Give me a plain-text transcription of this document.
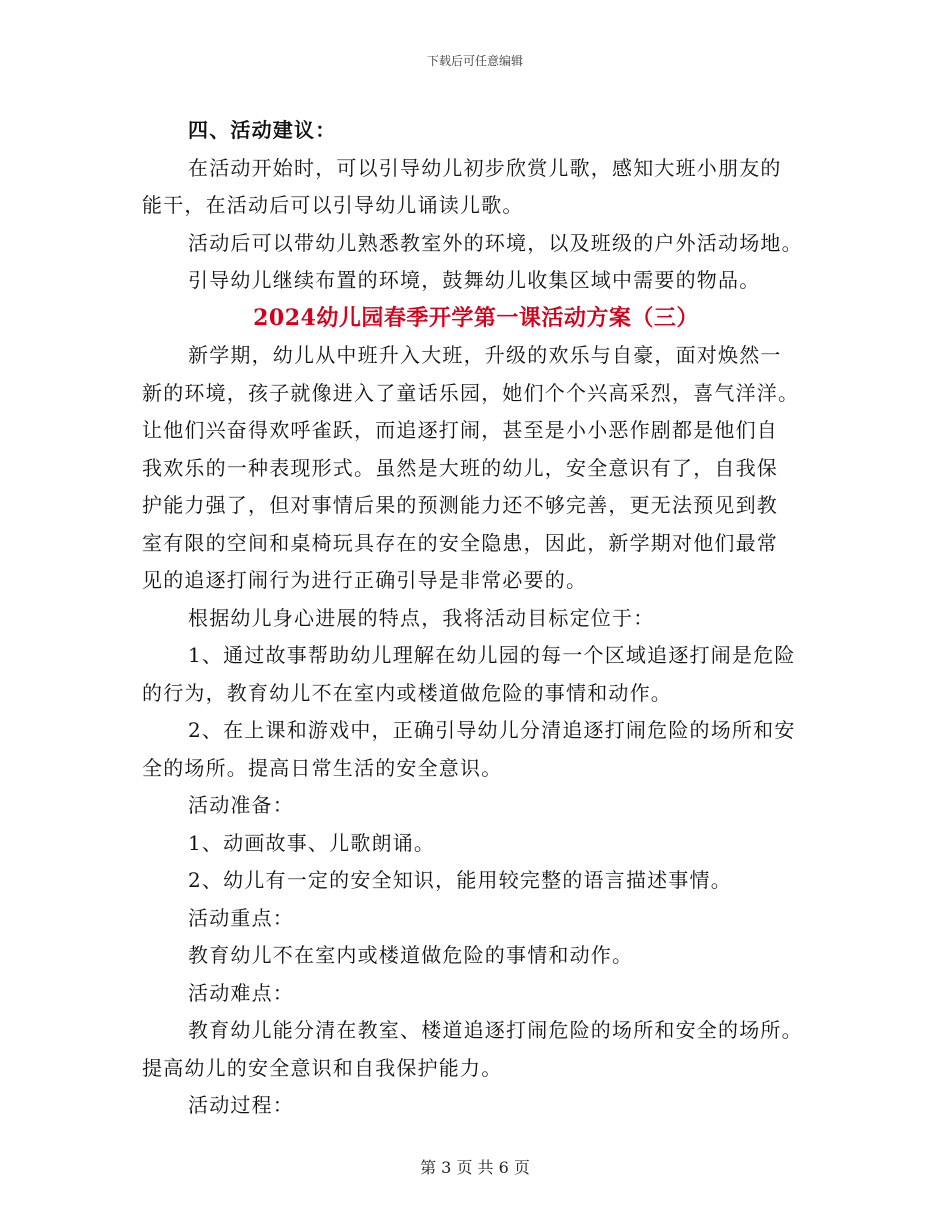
下载后可任意编辑
四、活动建议：
在活动开始时，可以引导幼儿初步欣赏儿歌，感知大班小朋友的
能干，在活动后可以引导幼儿诵读儿歌。
活动后可以带幼儿熟悉教室外的环境，以及班级的户外活动场地。
引导幼儿继续布置的环境，鼓舞幼儿收集区域中需要的物品。
2024幼儿园春季开学第一课活动方案（三）
新学期，幼儿从中班升入大班，升级的欢乐与自豪，面对焕然一
新的环境，孩子就像进入了童话乐园，她们个个兴高采烈，喜气洋洋。
让他们兴奋得欢呼雀跃，而追逐打闹，甚至是小小恶作剧都是他们自
我欢乐的一种表现形式。虽然是大班的幼儿，安全意识有了，自我保
护能力强了，但对事情后果的预测能力还不够完善，更无法预见到教
室有限的空间和桌椅玩具存在的安全隐患，因此，新学期对他们最常
见的追逐打闹行为进行正确引导是非常必要的。
根据幼儿身心进展的特点，我将活动目标定位于：
1、通过故事帮助幼儿理解在幼儿园的每一个区域追逐打闹是危险
的行为，教育幼儿不在室内或楼道做危险的事情和动作。
2、在上课和游戏中，正确引导幼儿分清追逐打闹危险的场所和安
全的场所。提高日常生活的安全意识。
活动准备：
1、动画故事、儿歌朗诵。
2、幼儿有一定的安全知识，能用较完整的语言描述事情。
活动重点：
教育幼儿不在室内或楼道做危险的事情和动作。
活动难点：
教育幼儿能分清在教室、楼道追逐打闹危险的场所和安全的场所。
提高幼儿的安全意识和自我保护能力。
活动过程：
第 3 页 共 6 页
